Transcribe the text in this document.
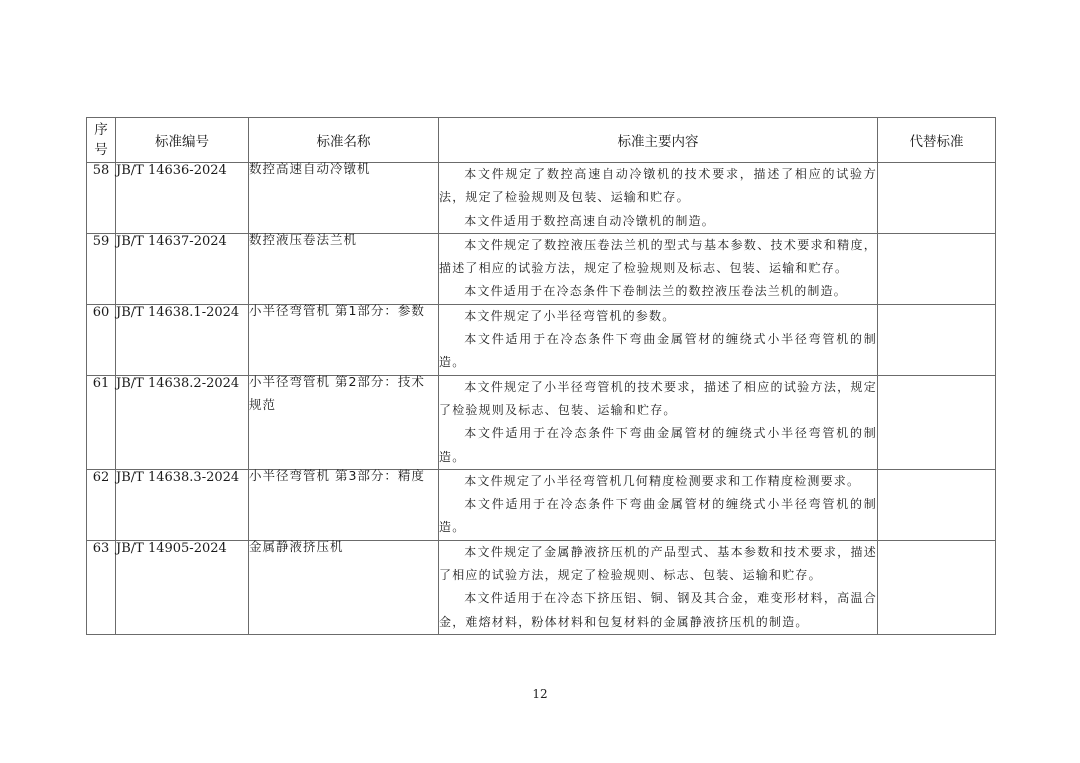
序
号	标准编号	标准名称	标准主要内容	代替标准
58	JB/T 14636-2024	数控高速自动冷镦机	本文件规定了数控高速自动冷镦机的技术要求，描述了相应的试验方法，规定了检验规则及包装、运输和贮存。

本文件适用于数控高速自动冷镦机的制造。	

59	JB/T 14637-2024	数控液压卷法兰机	本文件规定了数控液压卷法兰机的型式与基本参数、技术要求和精度，描述了相应的试验方法，规定了检验规则及标志、包装、运输和贮存。

本文件适用于在冷态条件下卷制法兰的数控液压卷法兰机的制造。	

60	JB/T 14638.1-2024	小半径弯管机 第1部分：参数	本文件规定了小半径弯管机的参数。

本文件适用于在冷态条件下弯曲金属管材的缠绕式小半径弯管机的制造。	

61	JB/T 14638.2-2024	小半径弯管机 第2部分：技术规范	本文件规定了小半径弯管机的技术要求，描述了相应的试验方法，规定了检验规则及标志、包装、运输和贮存。

本文件适用于在冷态条件下弯曲金属管材的缠绕式小半径弯管机的制造。	

62	JB/T 14638.3-2024	小半径弯管机 第3部分：精度	本文件规定了小半径弯管机几何精度检测要求和工作精度检测要求。

本文件适用于在冷态条件下弯曲金属管材的缠绕式小半径弯管机的制造。	

63	JB/T 14905-2024	金属静液挤压机	本文件规定了金属静液挤压机的产品型式、基本参数和技术要求，描述了相应的试验方法，规定了检验规则、标志、包装、运输和贮存。

本文件适用于在冷态下挤压铝、铜、钢及其合金，难变形材料，高温合金，难熔材料，粉体材料和包复材料的金属静液挤压机的制造。	

12
